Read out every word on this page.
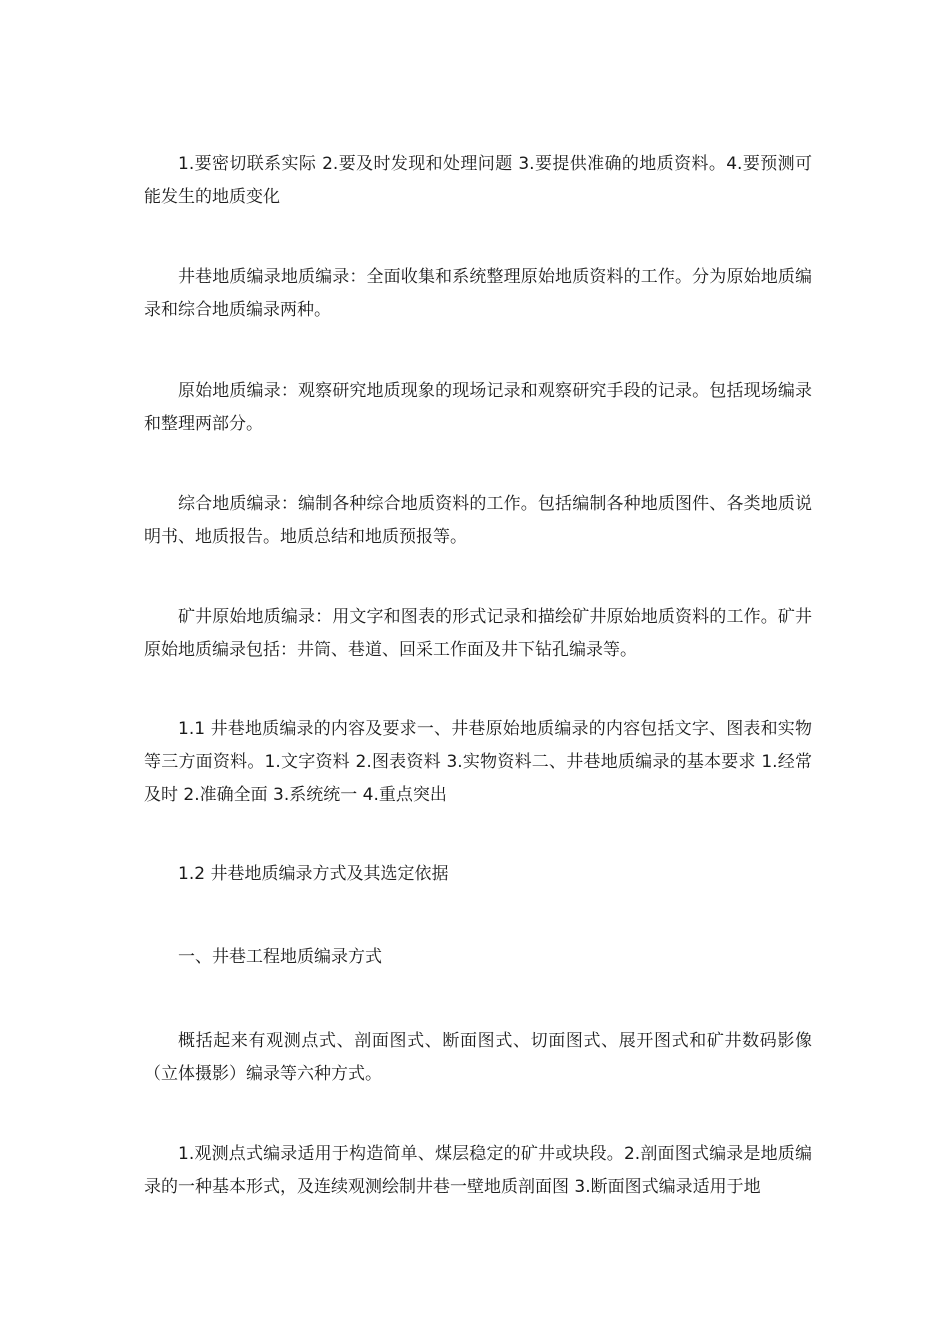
1.要密切联系实际 2.要及时发现和处理问题 3.要提供准确的地质资料。4.要预测可能发生的地质变化

井巷地质编录地质编录：全面收集和系统整理原始地质资料的工作。分为原始地质编录和综合地质编录两种。

原始地质编录：观察研究地质现象的现场记录和观察研究手段的记录。包括现场编录和整理两部分。

综合地质编录：编制各种综合地质资料的工作。包括编制各种地质图件、各类地质说明书、地质报告。地质总结和地质预报等。

矿井原始地质编录：用文字和图表的形式记录和描绘矿井原始地质资料的工作。矿井原始地质编录包括：井筒、巷道、回采工作面及井下钻孔编录等。

1.1 井巷地质编录的内容及要求一、井巷原始地质编录的内容包括文字、图表和实物等三方面资料。1.文字资料 2.图表资料 3.实物资料二、井巷地质编录的基本要求 1.经常及时 2.准确全面 3.系统统一 4.重点突出

1.2 井巷地质编录方式及其选定依据

一、井巷工程地质编录方式

概括起来有观测点式、剖面图式、断面图式、切面图式、展开图式和矿井数码影像（立体摄影）编录等六种方式。

1.观测点式编录适用于构造简单、煤层稳定的矿井或块段。2.剖面图式编录是地质编录的一种基本形式，及连续观测绘制井巷一壁地质剖面图 3.断面图式编录适用于地
